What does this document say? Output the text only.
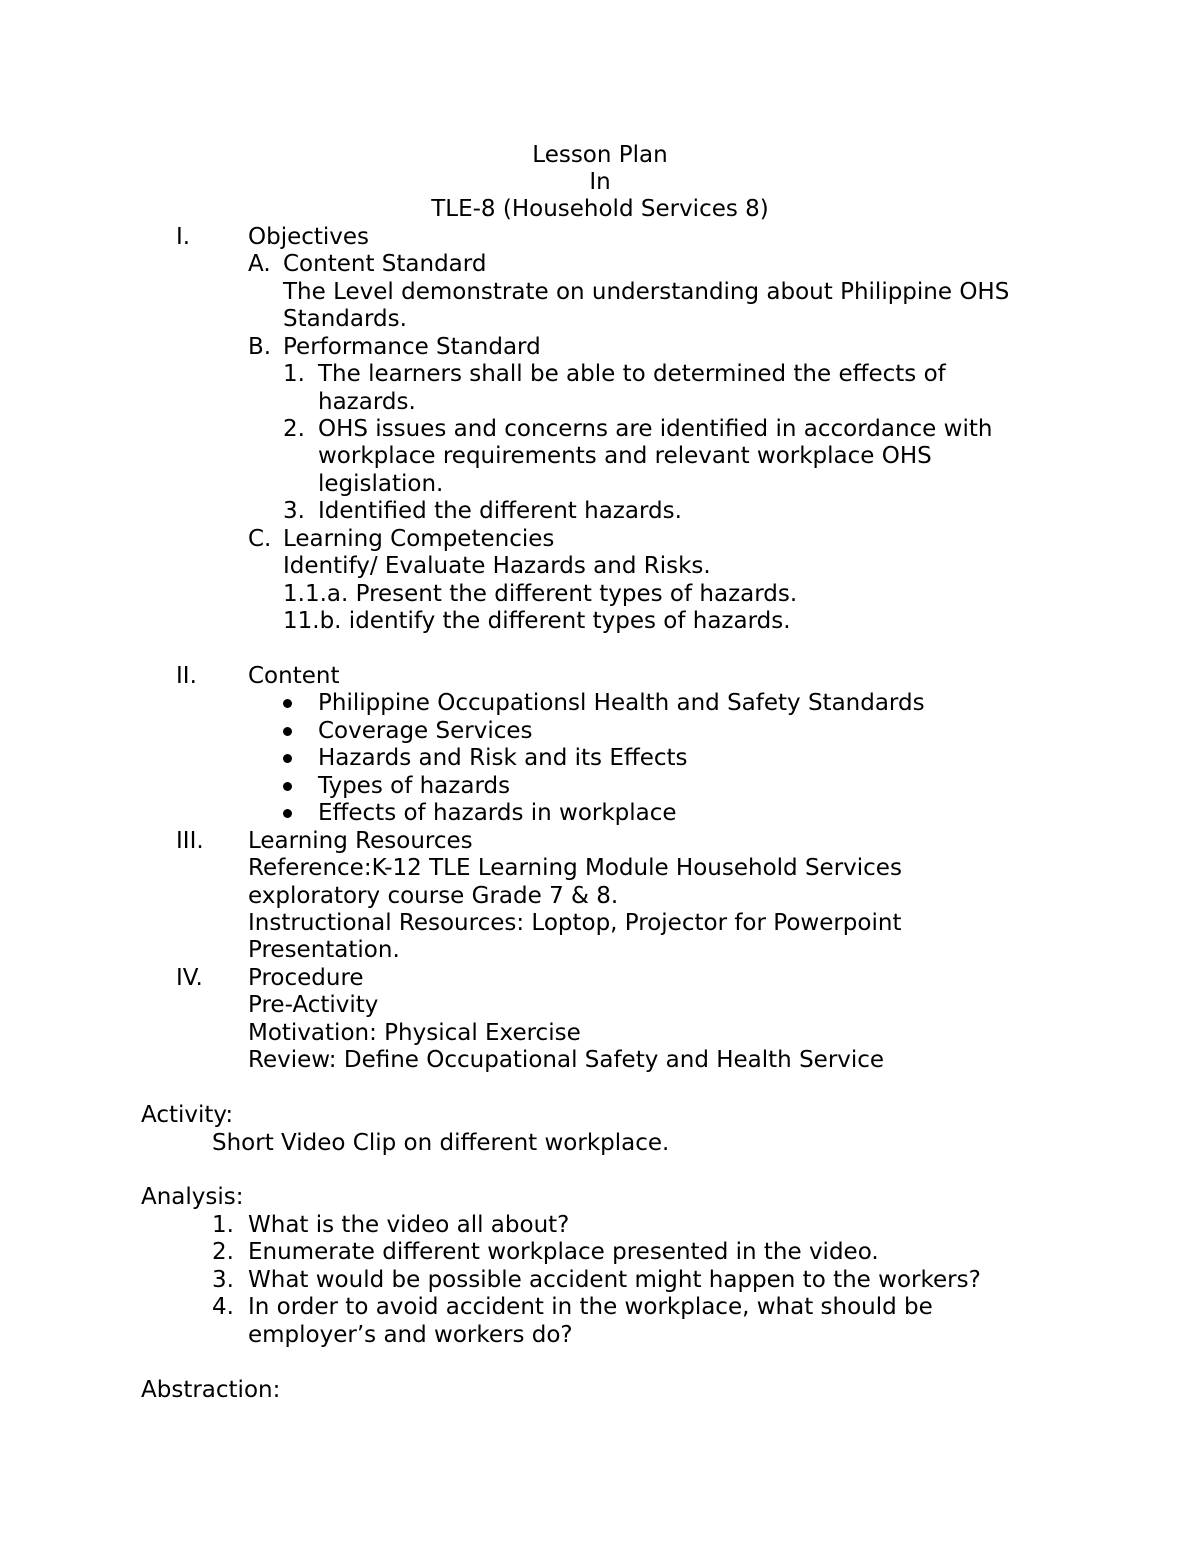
Lesson Plan
In
TLE-8 (Household Services 8)
I.	Objectives
A. Content Standard
The Level demonstrate on understanding about Philippine OHS
Standards.
B. Performance Standard
1. The learners shall be able to determined the effects of
hazards.
2. OHS issues and concerns are identified in accordance with
workplace requirements and relevant workplace OHS
legislation.
3. Identified the different hazards.
C. Learning Competencies
Identify/ Evaluate Hazards and Risks.
1.1.a. Present the different types of hazards.
11.b. identify the different types of hazards.
II. Content
Philippine Occupationsl Health and Safety Standards
Coverage Services
Hazards and Risk and its Effects
Types of hazards
Effects of hazards in workplace
III. Learning Resources
Reference:K-12 TLE Learning Module Household Services
exploratory course Grade 7 & 8.
Instructional Resources: Loptop, Projector for Powerpoint
Presentation.
IV. Procedure
Pre-Activity
Motivation: Physical Exercise
Review: Define Occupational Safety and Health Service
Activity:
Short Video Clip on different workplace.
Analysis:
1. What is the video all about?
2. Enumerate different workplace presented in the video.
3. What would be possible accident might happen to the workers?
4. In order to avoid accident in the workplace, what should be
employer’s and workers do?
Abstraction:
